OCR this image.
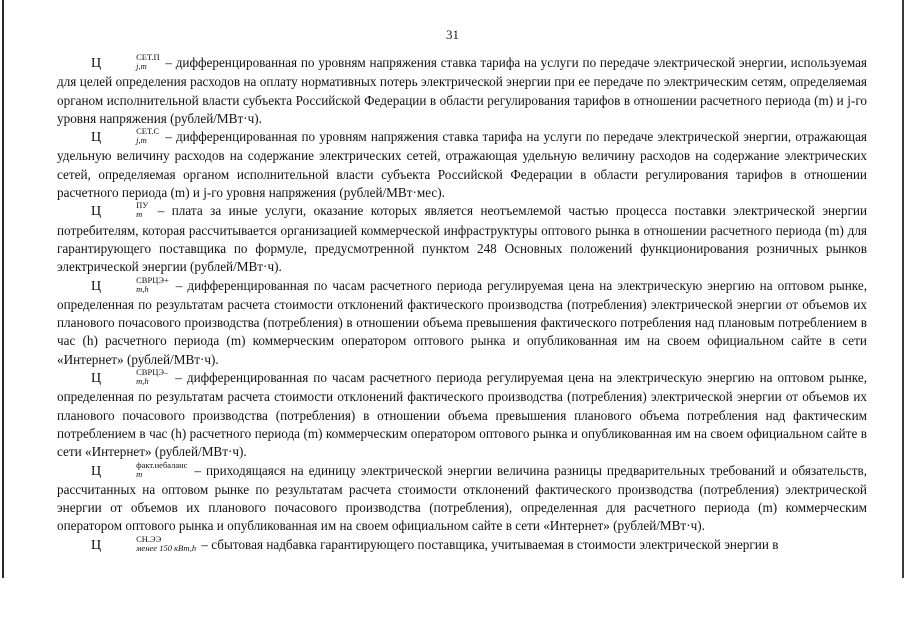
31

Ц	СЕТ.П
j,m	– дифференцированная по уровням напряжения ставка тарифа на услуги по передаче электрической энергии, используемая для целей определения расходов на оплату нормативных потерь электрической энергии при ее передаче по электрическим сетям, определяемая органом исполнительной власти субъекта Российской Федерации в области регулирования тарифов в отношении расчетного периода (m) и j-го уровня напряжения (рублей/МВт·ч).

Ц	СЕТ.С
j,m	– дифференцированная по уровням напряжения ставка тарифа на услуги по передаче электрической энергии, отражающая удельную величину расходов на содержание электрических сетей, отражающая удельную величину расходов на содержание электрических сетей, определяемая органом исполнительной власти субъекта Российской Федерации в области регулирования тарифов в отношении расчетного периода (m) и j-го уровня напряжения (рублей/МВт·мес).

Ц	ПУ
m	– плата за иные услуги, оказание которых является неотъемлемой частью процесса поставки электрической энергии потребителям, которая рассчитывается организацией коммерческой инфраструктуры оптового рынка в отношении расчетного периода (m) для гарантирующего поставщика по формуле, предусмотренной пунктом 248 Основных положений функционирования розничных рынков электрической энергии (рублей/МВт·ч).

Ц	СВРЦЭ+
m,h	– дифференцированная по часам расчетного периода регулируемая цена на электрическую энергию на оптовом рынке, определенная по результатам расчета стоимости отклонений фактического производства (потребления) электрической энергии от объемов их планового почасового производства (потребления) в отношении объема превышения фактического потребления над плановым потреблением в час (h) расчетного периода (m) коммерческим оператором оптового рынка и опубликованная им на своем официальном сайте в сети «Интернет» (рублей/МВт·ч).

Ц	СВРЦЭ–
m,h	– дифференцированная по часам расчетного периода регулируемая цена на электрическую энергию на оптовом рынке, определенная по результатам расчета стоимости отклонений фактического производства (потребления) электрической энергии от объемов их планового почасового производства (потребления) в отношении объема превышения планового объема потребления над фактическим потреблением в час (h) расчетного периода (m) коммерческим оператором оптового рынка и опубликованная им на своем официальном сайте в сети «Интернет» (рублей/МВт·ч).

Ц	факт.небаланс
m	– приходящаяся на единицу электрической энергии величина разницы предварительных требований и обязательств, рассчитанных на оптовом рынке по результатам расчета стоимости отклонений фактического производства (потребления) электрической энергии от объемов их планового почасового производства (потребления), определенная для расчетного периода (m) коммерческим оператором оптового рынка и опубликованная им на своем официальном сайте в сети «Интернет» (рублей/МВт·ч).

Ц	СН.ЭЭ
менее 150 кВт,h – сбытовая надбавка гарантирующего поставщика, учитываемая в стоимости электрической энергии в
